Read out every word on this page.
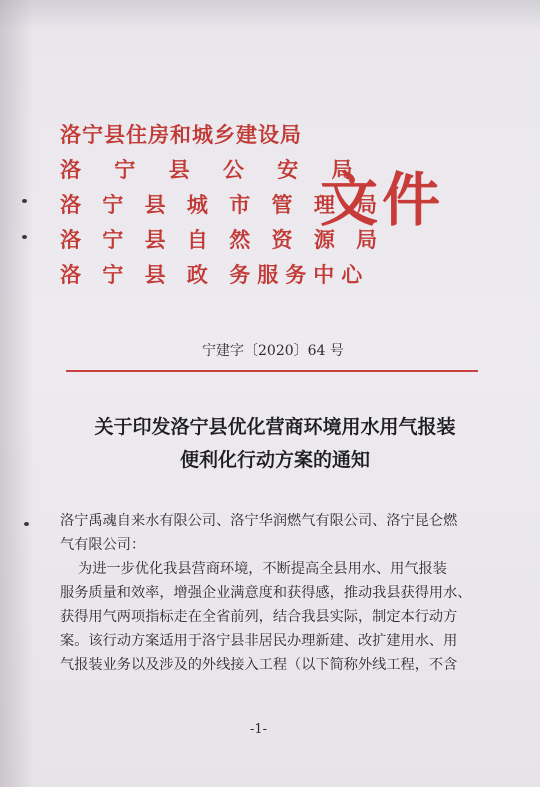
洛宁县住房和城乡建设局
洛 宁 县 公 安 局
洛 宁 县 城 市 管 理 局
洛 宁 县 自 然 资 源 局
洛 宁 县 政 务服务中心
文件
宁建字〔2020〕64 号
关于印发洛宁县优化营商环境用水用气报装
便利化行动方案的通知

洛宁禹魂自来水有限公司、洛宁华润燃气有限公司、洛宁昆仑燃

气有限公司：

为进一步优化我县营商环境，不断提高全县用水、用气报装

服务质量和效率，增强企业满意度和获得感，推动我县获得用水、

获得用气两项指标走在全省前列，结合我县实际，制定本行动方

案。该行动方案适用于洛宁县非居民办理新建、改扩建用水、用

气报装业务以及涉及的外线接入工程（以下简称外线工程，不含

-1-
